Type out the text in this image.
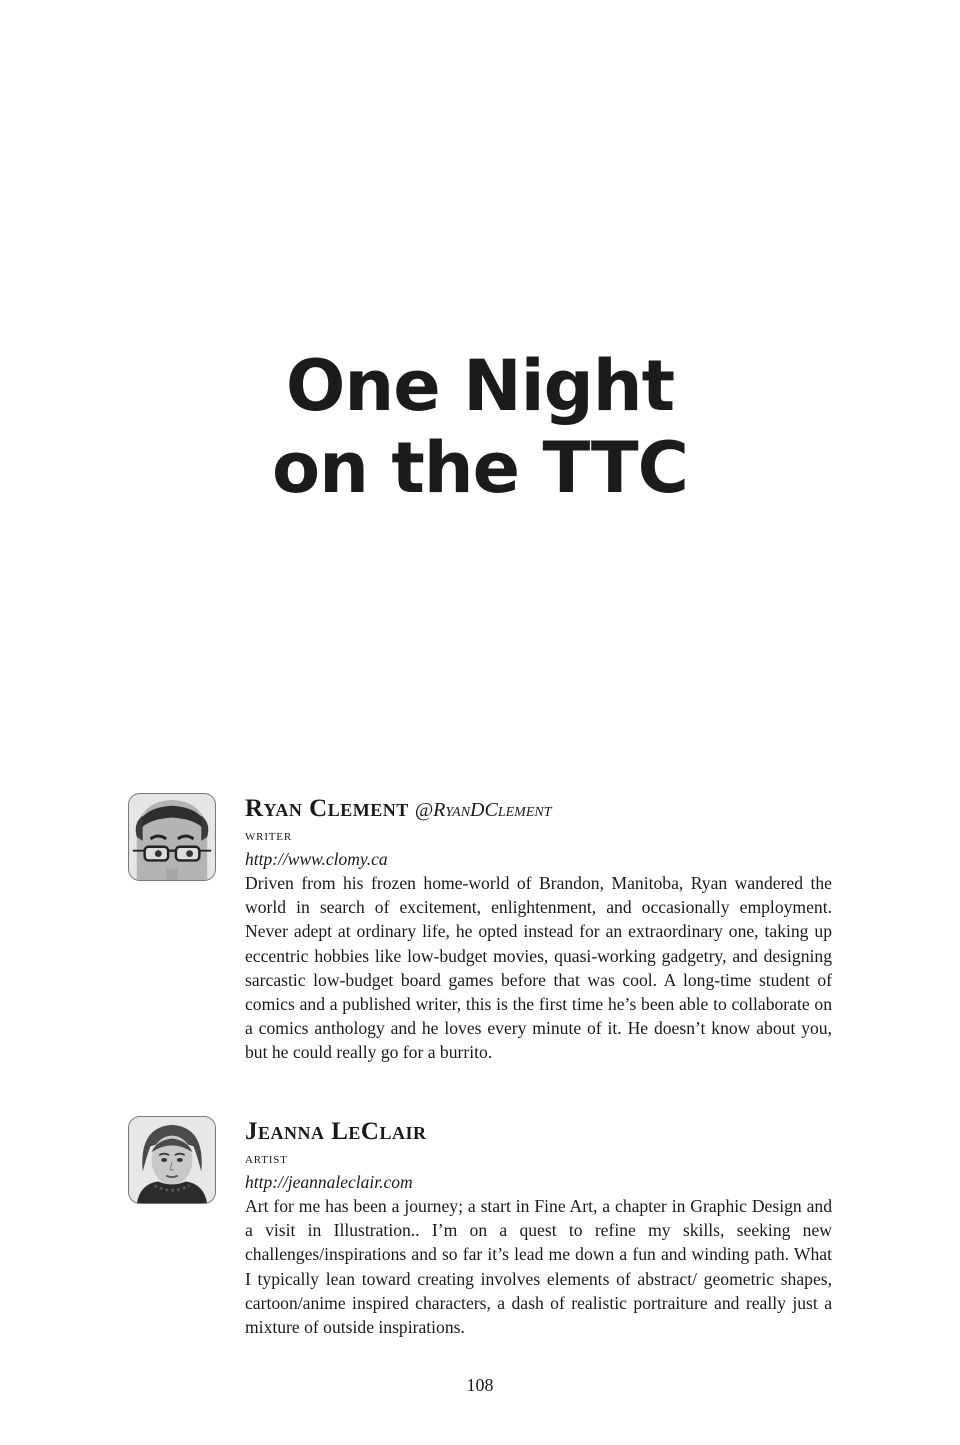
One Night
on the TTC
Ryan Clement @RyanDClement
writer
http://www.clomy.ca

Driven from his frozen home-world of Brandon, Manitoba, Ryan wandered the world in search of excitement, enlightenment, and occasionally employment. Never adept at ordinary life, he opted instead for an extraordinary one, taking up eccentric hobbies like low-budget movies, quasi-working gadgetry, and designing sarcastic low-budget board games before that was cool. A long-time student of comics and a published writer, this is the first time he’s been able to collaborate on a comics anthology and he loves every minute of it. He doesn’t know about you, but he could really go for a burrito.

Jeanna LeClair
artist
http://jeannaleclair.com

Art for me has been a journey; a start in Fine Art, a chapter in Graphic Design and a visit in Illustration.. I’m on a quest to refine my skills, seeking new challenges/inspirations and so far it’s lead me down a fun and winding path. What I typically lean toward creating involves elements of abstract/ geometric shapes, cartoon/anime inspired characters, a dash of realistic portraiture and really just a mixture of outside inspirations.

108
